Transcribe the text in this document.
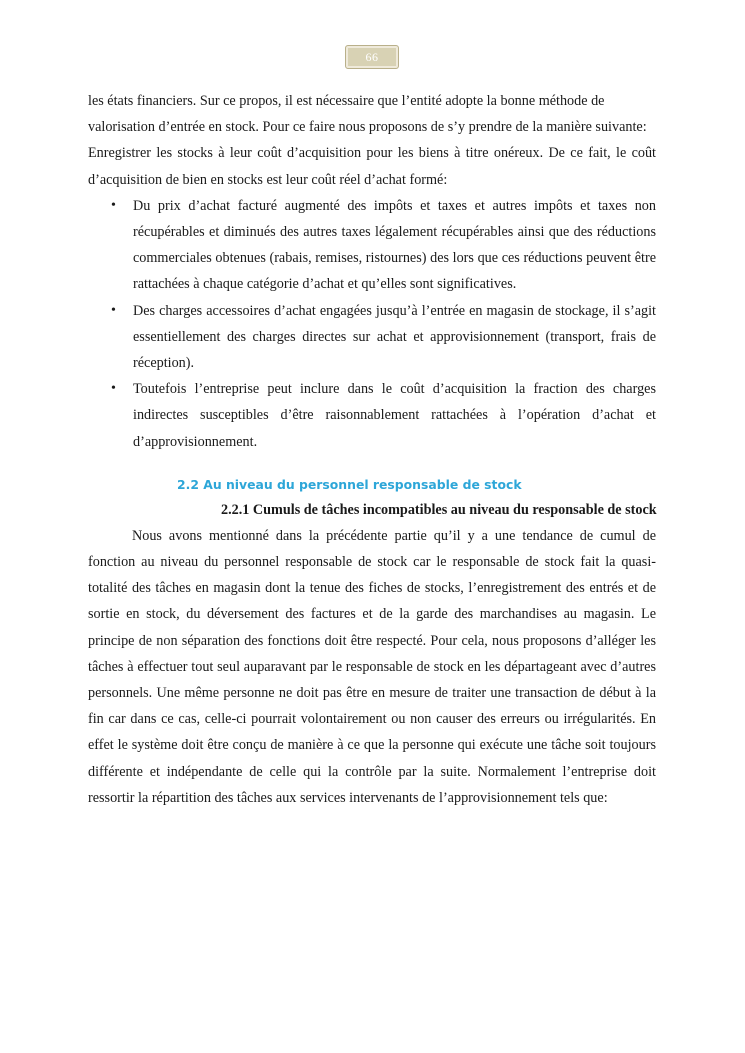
66

les états financiers. Sur ce propos, il est nécessaire que l’entité adopte la bonne méthode de valorisation d’entrée en stock. Pour ce faire nous proposons de s’y prendre de la manière suivante:

Enregistrer les stocks à leur coût d’acquisition pour les biens à titre onéreux. De ce fait, le coût d’acquisition de bien en stocks est leur coût réel d’achat formé:

• Du prix d’achat facturé augmenté des impôts et taxes et autres impôts et taxes non récupérables et diminués des autres taxes légalement récupérables ainsi que des réductions commerciales obtenues (rabais, remises, ristournes) des lors que ces réductions peuvent être rattachées à chaque catégorie d’achat et qu’elles sont significatives.
• Des charges accessoires d’achat engagées jusqu’à l’entrée en magasin de stockage, il s’agit essentiellement des charges directes sur achat et approvisionnement (transport, frais de réception).
• Toutefois l’entreprise peut inclure dans le coût d’acquisition la fraction des charges indirectes susceptibles d’être raisonnablement rattachées à l’opération d’achat et d’approvisionnement.
2.2 Au niveau du personnel responsable de stock
2.2.1 Cumuls de tâches incompatibles au niveau du responsable de stock

Nous avons mentionné dans la précédente partie qu’il y a une tendance de cumul de fonction au niveau du personnel responsable de stock car le responsable de stock fait la quasi-totalité des tâches en magasin dont la tenue des fiches de stocks, l’enregistrement des entrés et de sortie en stock, du déversement des factures et de la garde des marchandises au magasin. Le principe de non séparation des fonctions doit être respecté. Pour cela, nous proposons d’alléger les tâches à effectuer tout seul auparavant par le responsable de stock en les départageant avec d’autres personnels. Une même personne ne doit pas être en mesure de traiter une transaction de début à la fin car dans ce cas, celle-ci pourrait volontairement ou non causer des erreurs ou irrégularités. En effet le système doit être conçu de manière à ce que la personne qui exécute une tâche soit toujours différente et indépendante de celle qui la contrôle par la suite. Normalement l’entreprise doit ressortir la répartition des tâches aux services intervenants de l’approvisionnement tels que:
